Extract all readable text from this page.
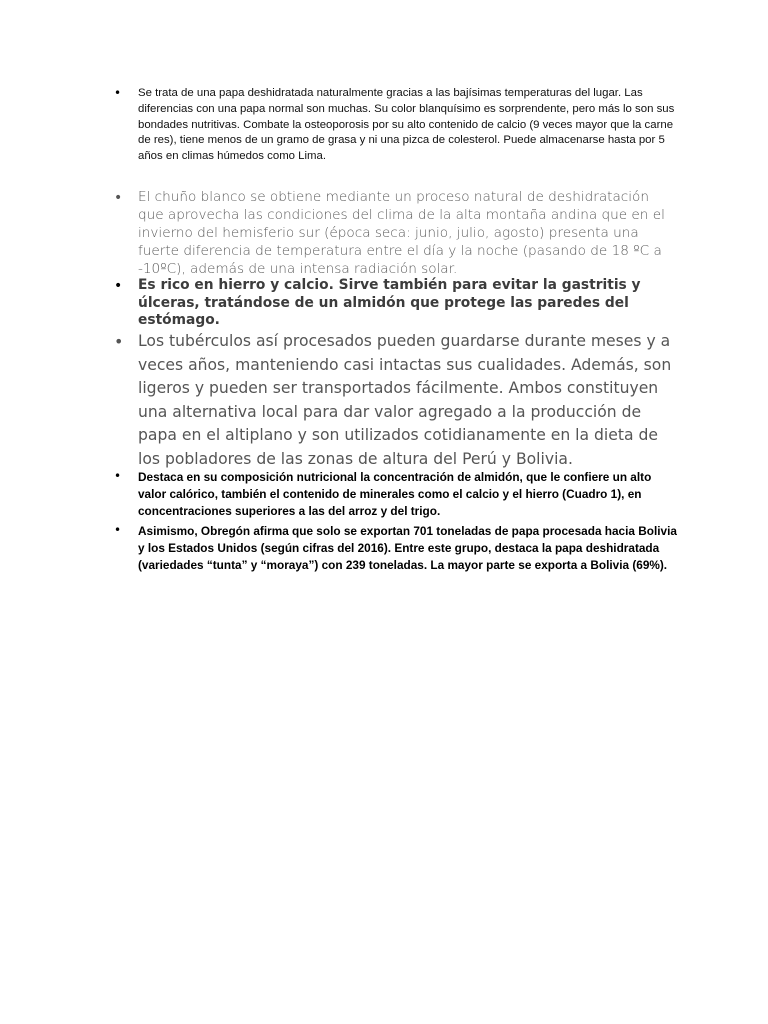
• Se trata de una papa deshidratada naturalmente gracias a las bajísimas temperaturas del lugar. Las diferencias con una papa normal son muchas. Su color blanquísimo es sorprendente, pero más lo son sus bondades nutritivas. Combate la osteoporosis por su alto contenido de calcio (9 veces mayor que la carne de res), tiene menos de un gramo de grasa y ni una pizca de colesterol. Puede almacenarse hasta por 5 años en climas húmedos como Lima.

• El chuño blanco se obtiene mediante un proceso natural de deshidratación que aprovecha las condiciones del clima de la alta montaña andina que en el invierno del hemisferio sur (época seca: junio, julio, agosto) presenta una fuerte diferencia de temperatura entre el día y la noche (pasando de 18 ºC a -10ºC), además de una intensa radiación solar.

• Es rico en hierro y calcio. Sirve también para evitar la gastritis y úlceras, tratándose de un almidón que protege las paredes del estómago.

• Los tubérculos así procesados pueden guardarse durante meses y a veces años, manteniendo casi intactas sus cualidades. Además, son ligeros y pueden ser transportados fácilmente. Ambos constituyen una alternativa local para dar valor agregado a la producción de papa en el altiplano y son utilizados cotidianamente en la dieta de los pobladores de las zonas de altura del Perú y Bolivia.

• Destaca en su composición nutricional la concentración de almidón, que le confiere un alto valor calórico, también el contenido de minerales como el calcio y el hierro (Cuadro 1), en concentraciones superiores a las del arroz y del trigo.

• Asimismo, Obregón afirma que solo se exportan 701 toneladas de papa procesada hacia Bolivia y los Estados Unidos (según cifras del 2016). Entre este grupo, destaca la papa deshidratada (variedades “tunta” y “moraya”) con 239 toneladas. La mayor parte se exporta a Bolivia (69%).
